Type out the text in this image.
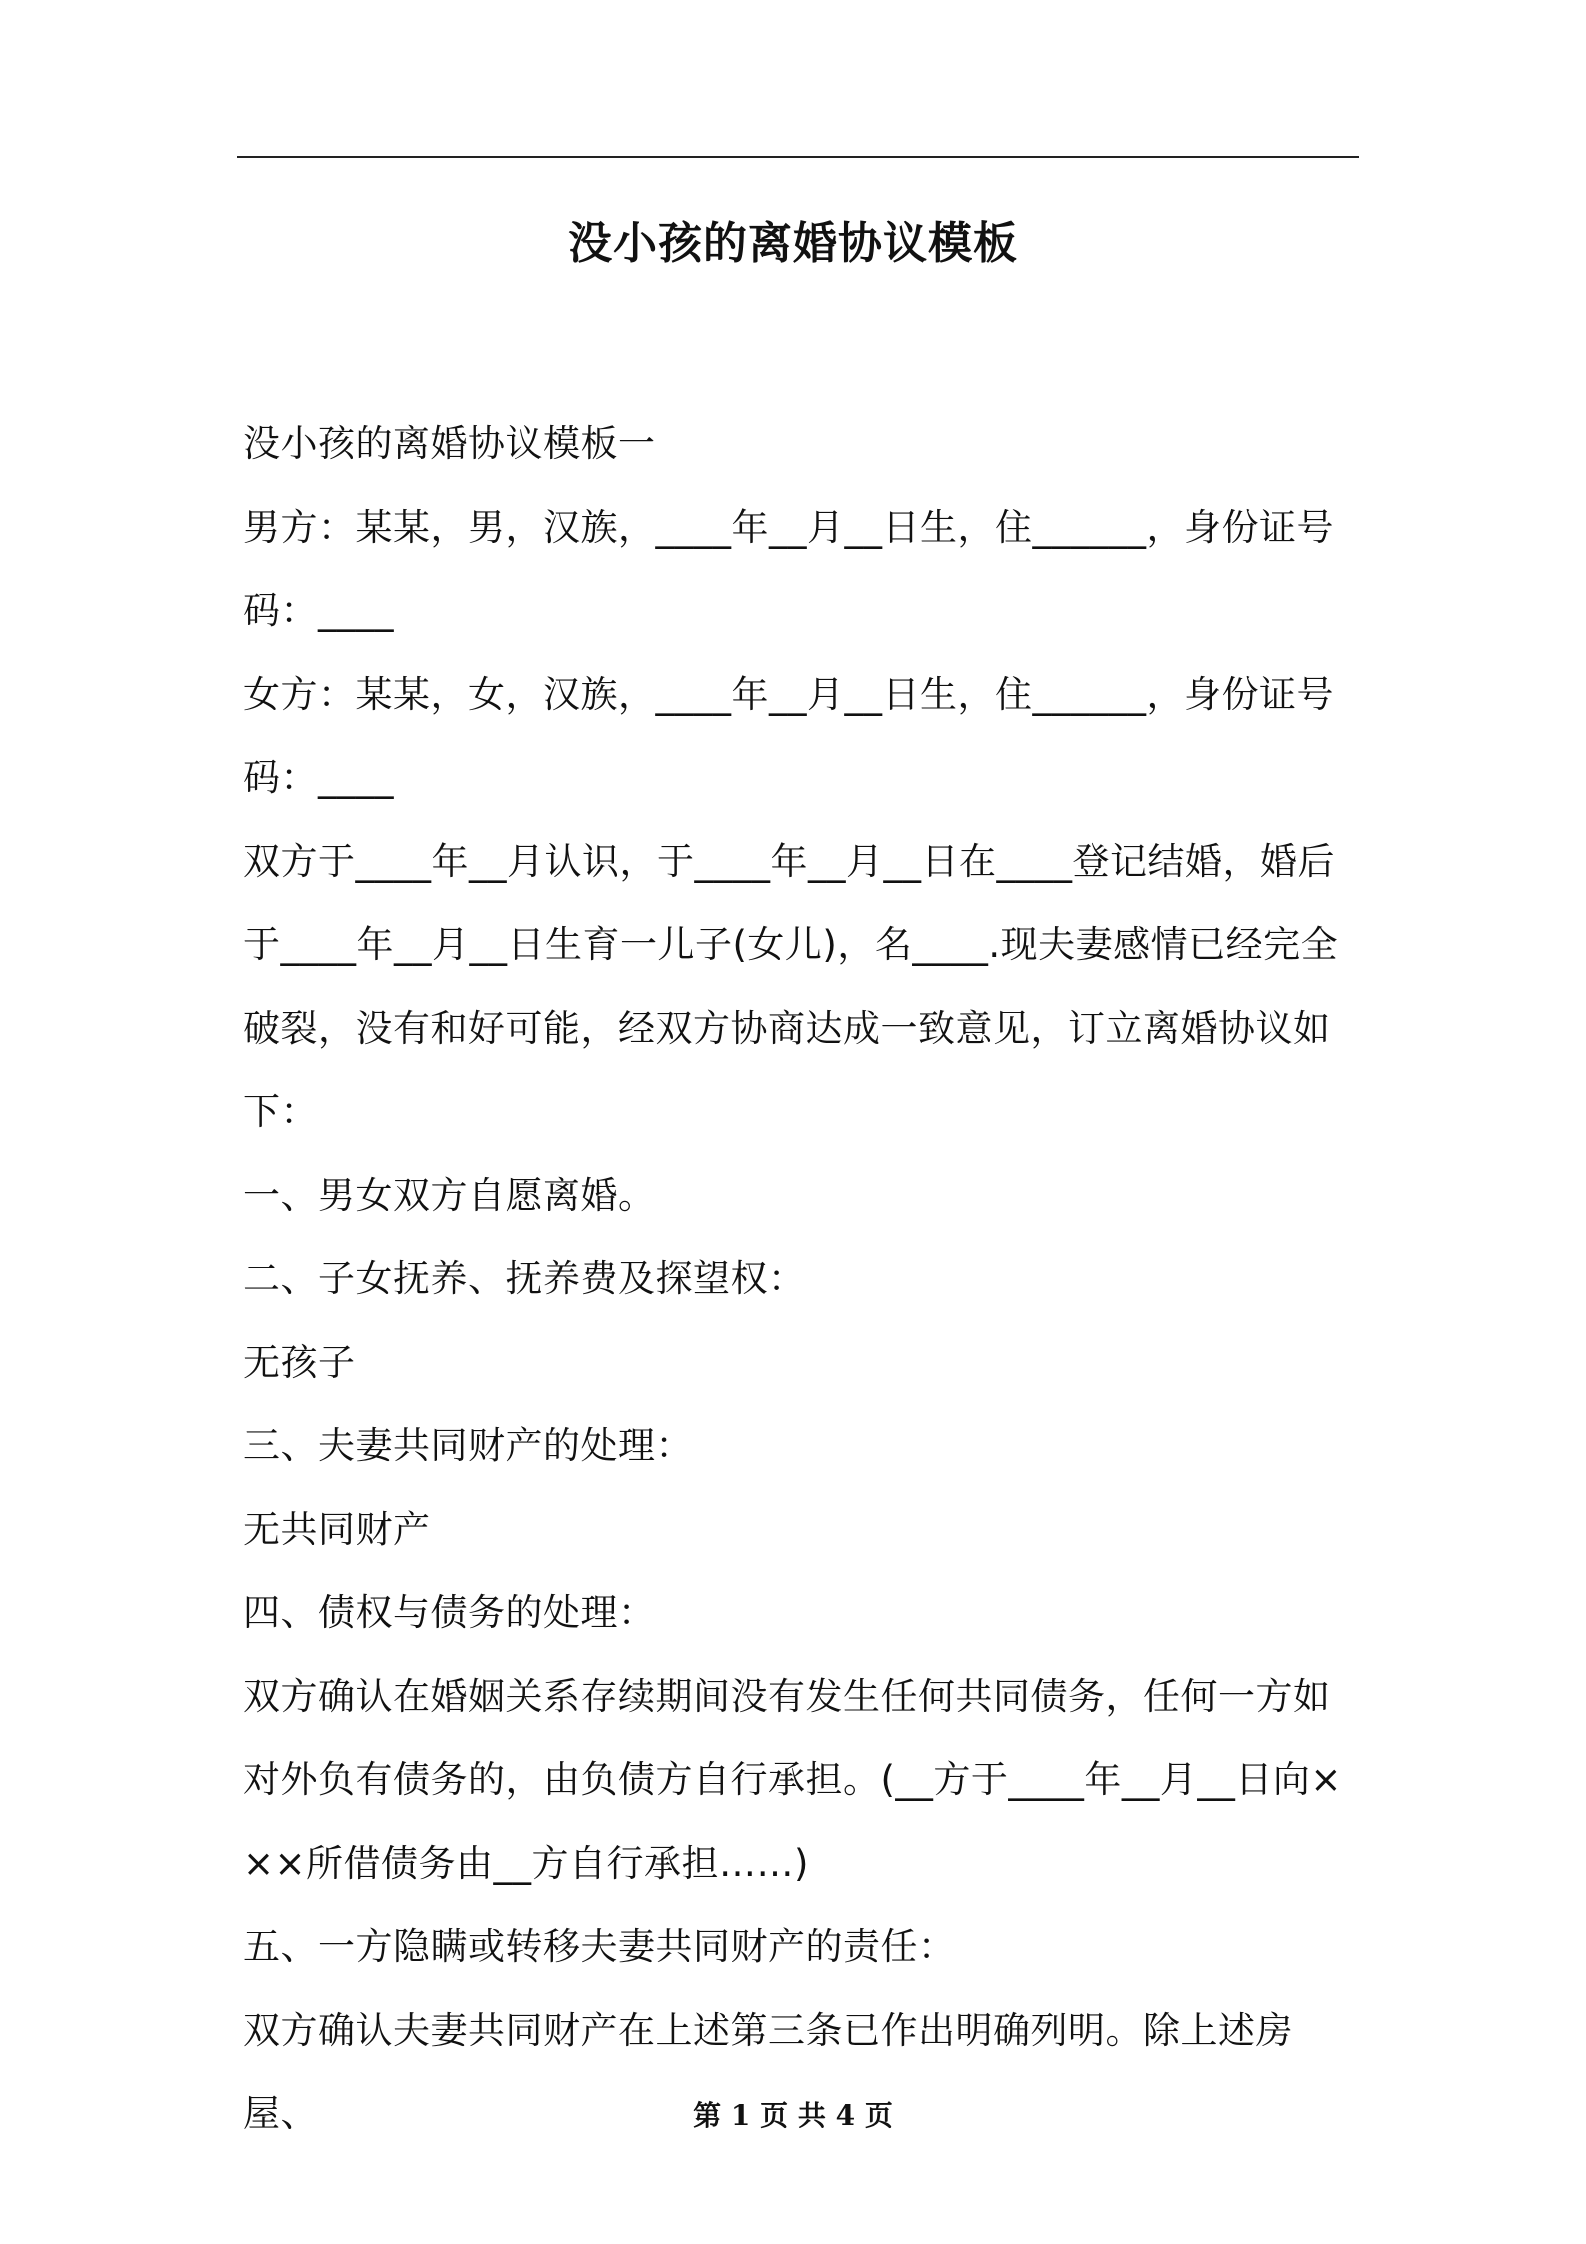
没小孩的离婚协议模板

没小孩的离婚协议模板一

男方：某某，男，汉族，____年__月__日生，住______，身份证号码：____

女方：某某，女，汉族，____年__月__日生，住______，身份证号码：____

双方于____年__月认识，于____年__月__日在____登记结婚，婚后于____年__月__日生育一儿子(女儿)，名____.现夫妻感情已经完全破裂，没有和好可能，经双方协商达成一致意见，订立离婚协议如下：

一、男女双方自愿离婚。

二、子女抚养、抚养费及探望权：

无孩子

三、夫妻共同财产的处理：

无共同财产

四、债权与债务的处理：

双方确认在婚姻关系存续期间没有发生任何共同债务，任何一方如对外负有债务的，由负债方自行承担。(__方于____年__月__日向×××所借债务由__方自行承担……)

五、一方隐瞒或转移夫妻共同财产的责任：

双方确认夫妻共同财产在上述第三条已作出明确列明。除上述房屋、	第 1 页 共 4 页
